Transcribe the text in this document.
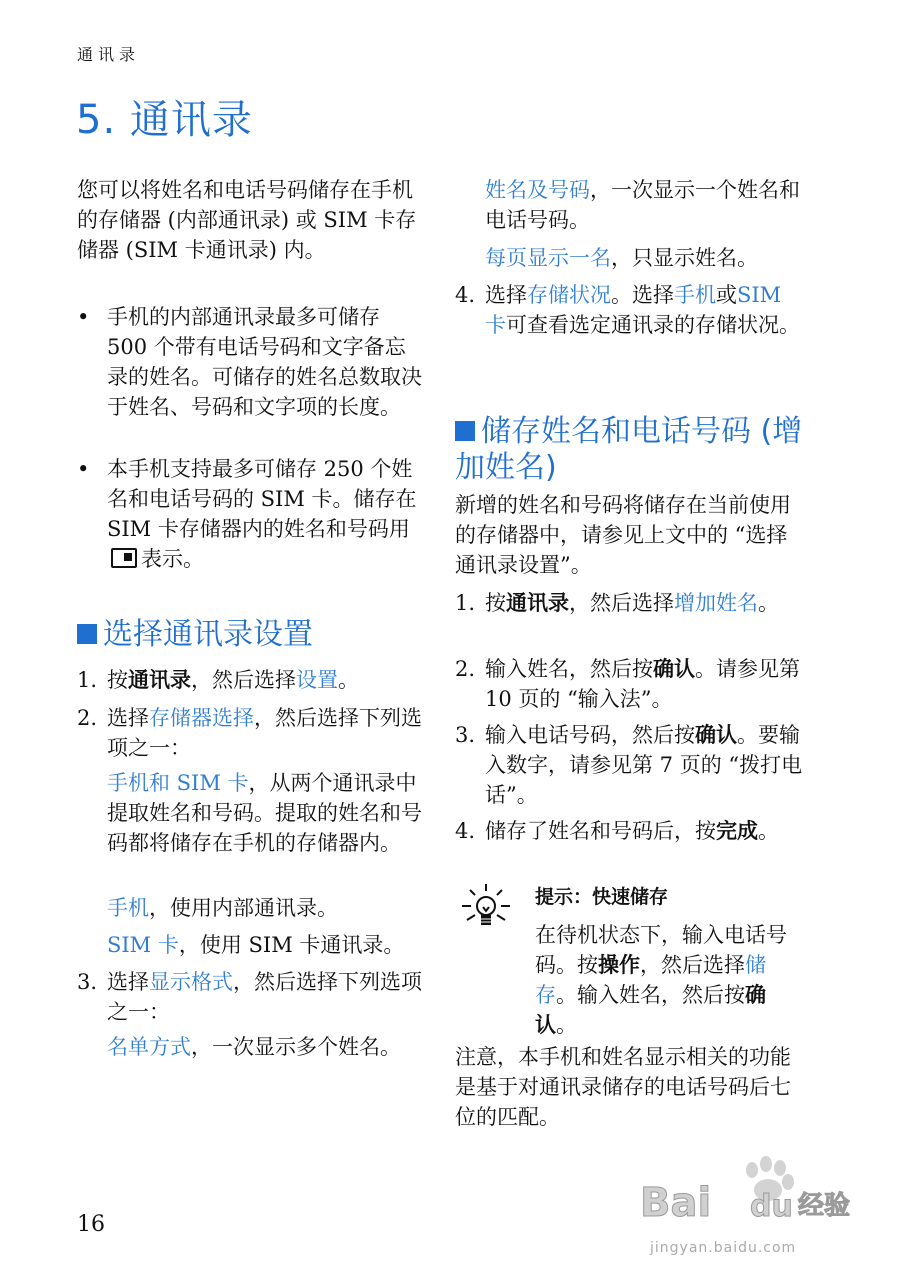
通讯录
5. 通讯录

您可以将姓名和电话号码储存在手机的存储器 (内部通讯录) 或 SIM 卡存储器 (SIM 卡通讯录) 内。

• 手机的内部通讯录最多可储存 500 个带有电话号码和文字备忘录的姓名。可储存的姓名总数取决于姓名、号码和文字项的长度。
• 本手机支持最多可储存 250 个姓名和电话号码的 SIM 卡。储存在 SIM 卡存储器内的姓名和号码用表示。
选择通讯录设置
1. 按通讯录，然后选择设置。
2. 选择存储器选择，然后选择下列选项之一：
手机和 SIM 卡，从两个通讯录中提取姓名和号码。提取的姓名和号码都将储存在手机的存储器内。
手机，使用内部通讯录。
SIM 卡，使用 SIM 卡通讯录。
3. 选择显示格式，然后选择下列选项之一：
名单方式，一次显示多个姓名。
姓名及号码，一次显示一个姓名和电话号码。
每页显示一名，只显示姓名。
4. 选择存储状况。选择手机或SIM 卡可查看选定通讯录的存储状况。
储存姓名和电话号码 (增加姓名)

新增的姓名和号码将储存在当前使用的存储器中，请参见上文中的 “选择通讯录设置”。

1. 按通讯录，然后选择增加姓名。
2. 输入姓名，然后按确认。请参见第 10 页的 “输入法”。
3. 输入电话号码，然后按确认。要输入数字，请参见第 7 页的 “拨打电话”。
4. 储存了姓名和号码后，按完成。
提示：快速储存
在待机状态下，输入电话号码。按操作，然后选择储存。输入姓名，然后按确认。

注意，本手机和姓名显示相关的功能是基于对通讯录储存的电话号码后七位的匹配。

16	Bai du 经验
jingyan.baidu.com
